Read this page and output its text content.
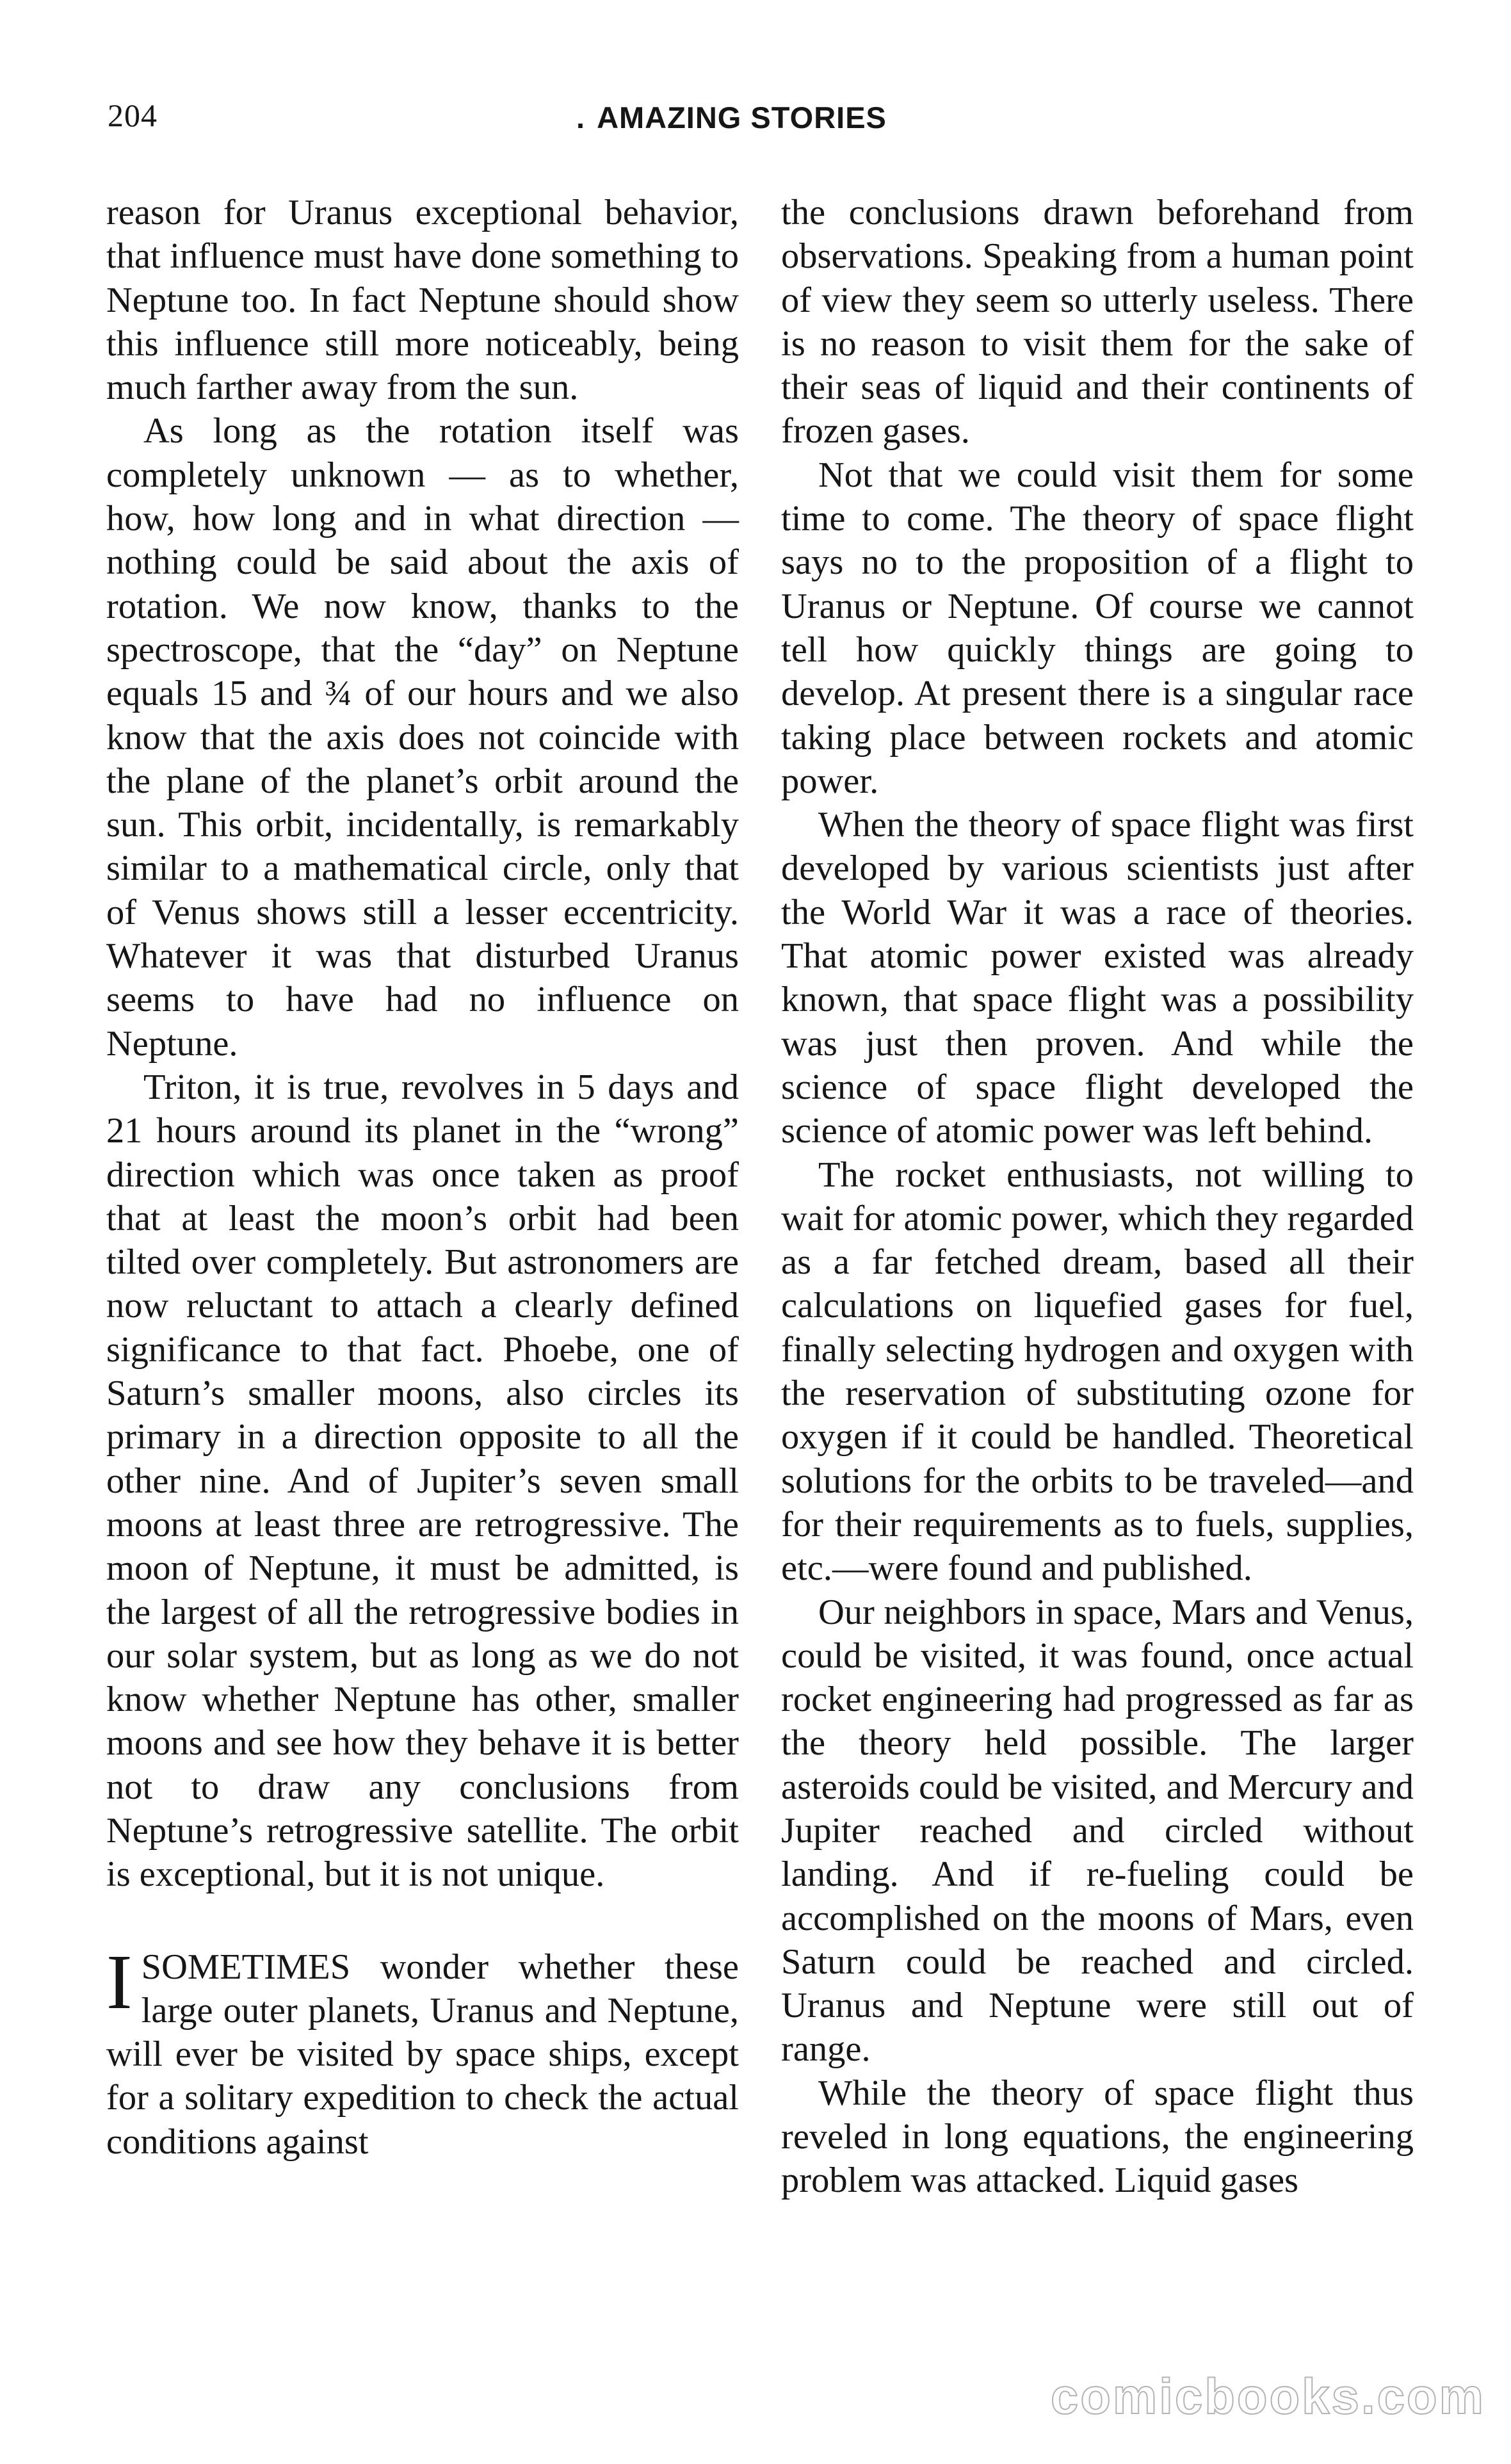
204	. AMAZING STORIES

reason for Uranus exceptional behavior, that influence must have done something to Neptune too. In fact Neptune should show this influence still more noticeably, being much farther away from the sun.

As long as the rotation itself was completely unknown — as to whether, how, how long and in what direction — nothing could be said about the axis of rotation. We now know, thanks to the spectroscope, that the “day” on Neptune equals 15 and ¾ of our hours and we also know that the axis does not coincide with the plane of the planet’s orbit around the sun. This orbit, incidentally, is remarkably similar to a mathematical circle, only that of Venus shows still a lesser eccentricity. Whatever it was that disturbed Uranus seems to have had no influence on Neptune.

Triton, it is true, revolves in 5 days and 21 hours around its planet in the “wrong” direction which was once taken as proof that at least the moon’s orbit had been tilted over completely. But astronomers are now reluctant to attach a clearly defined significance to that fact. Phoebe, one of Saturn’s smaller moons, also circles its primary in a direction opposite to all the other nine. And of Jupiter’s seven small moons at least three are retrogressive. The moon of Neptune, it must be admitted, is the largest of all the retrogressive bodies in our solar system, but as long as we do not know whether Neptune has other, smaller moons and see how they behave it is better not to draw any conclusions from Neptune’s retrogressive satellite. The orbit is exceptional, but it is not unique.

ISOMETIMES wonder whether these large outer planets, Uranus and Neptune, will ever be visited by space ships, except for a solitary expedition to check the actual conditions against

the conclusions drawn beforehand from observations. Speaking from a human point of view they seem so utterly useless. There is no reason to visit them for the sake of their seas of liquid and their continents of frozen gases.

Not that we could visit them for some time to come. The theory of space flight says no to the proposition of a flight to Uranus or Neptune. Of course we cannot tell how quickly things are going to develop. At present there is a singular race taking place between rockets and atomic power.

When the theory of space flight was first developed by various scientists just after the World War it was a race of theories. That atomic power existed was already known, that space flight was a possibility was just then proven. And while the science of space flight developed the science of atomic power was left behind.

The rocket enthusiasts, not willing to wait for atomic power, which they regarded as a far fetched dream, based all their calculations on liquefied gases for fuel, finally selecting hydrogen and oxygen with the reservation of substituting ozone for oxygen if it could be handled. Theoretical solutions for the orbits to be traveled—and for their requirements as to fuels, supplies, etc.—were found and published.

Our neighbors in space, Mars and Venus, could be visited, it was found, once actual rocket engineering had progressed as far as the theory held possible. The larger asteroids could be visited, and Mercury and Jupiter reached and circled without landing. And if re-fueling could be accomplished on the moons of Mars, even Saturn could be reached and circled. Uranus and Neptune were still out of range.

While the theory of space flight thus reveled in long equations, the engineering problem was attacked. Liquid gases

comicbooks.com
